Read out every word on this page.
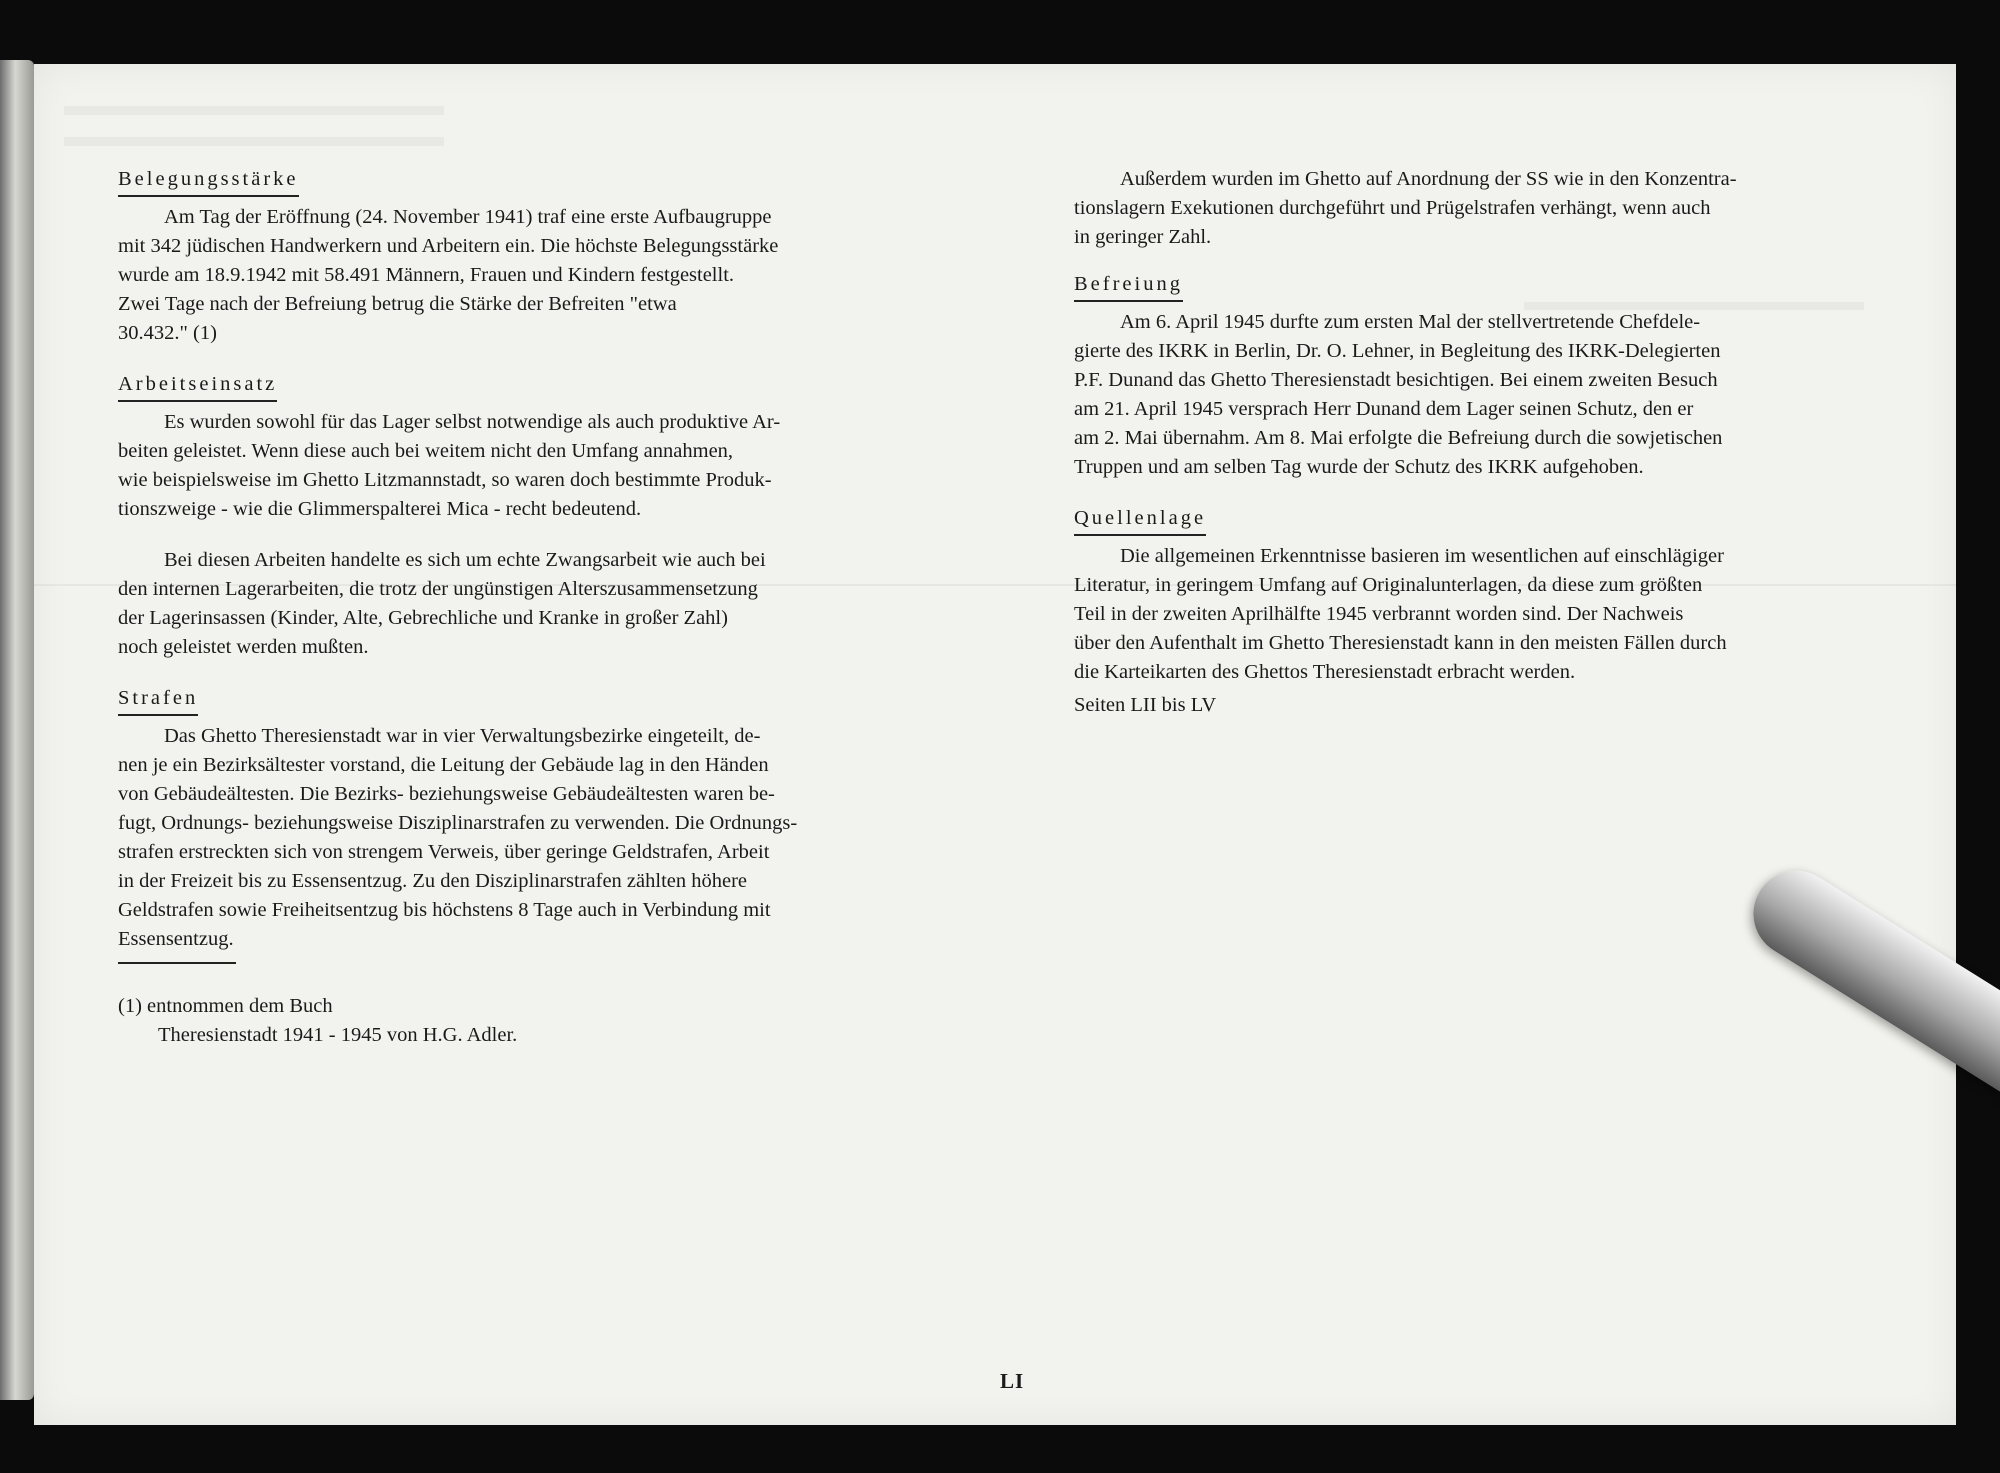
Belegungsstärke

Am Tag der Eröffnung (24. November 1941) traf eine erste Aufbaugruppe

mit 342 jüdischen Handwerkern und Arbeitern ein. Die höchste Belegungsstärke

wurde am 18.9.1942 mit 58.491 Männern, Frauen und Kindern festgestellt.

Zwei Tage nach der Befreiung betrug die Stärke der Befreiten "etwa

30.432." (1)

Arbeitseinsatz

Es wurden sowohl für das Lager selbst notwendige als auch produktive Ar-

beiten geleistet. Wenn diese auch bei weitem nicht den Umfang annahmen,

wie beispielsweise im Ghetto Litzmannstadt, so waren doch bestimmte Produk-

tionszweige - wie die Glimmerspalterei Mica - recht bedeutend.

Bei diesen Arbeiten handelte es sich um echte Zwangsarbeit wie auch bei

den internen Lagerarbeiten, die trotz der ungünstigen Alterszusammensetzung

der Lagerinsassen (Kinder, Alte, Gebrechliche und Kranke in großer Zahl)

noch geleistet werden mußten.

Strafen

Das Ghetto Theresienstadt war in vier Verwaltungsbezirke eingeteilt, de-

nen je ein Bezirksältester vorstand, die Leitung der Gebäude lag in den Händen

von Gebäudeältesten. Die Bezirks- beziehungsweise Gebäudeältesten waren be-

fugt, Ordnungs- beziehungsweise Disziplinarstrafen zu verwenden. Die Ordnungs-

strafen erstreckten sich von strengem Verweis, über geringe Geldstrafen, Arbeit

in der Freizeit bis zu Essensentzug. Zu den Disziplinarstrafen zählten höhere

Geldstrafen sowie Freiheitsentzug bis höchstens 8 Tage auch in Verbindung mit

Essensentzug.

(1) entnommen dem Buch

Theresienstadt 1941 - 1945 von H.G. Adler.

Außerdem wurden im Ghetto auf Anordnung der SS wie in den Konzentra-

tionslagern Exekutionen durchgeführt und Prügelstrafen verhängt, wenn auch

in geringer Zahl.

Befreiung

Am 6. April 1945 durfte zum ersten Mal der stellvertretende Chefdele-

gierte des IKRK in Berlin, Dr. O. Lehner, in Begleitung des IKRK-Delegierten

P.F. Dunand das Ghetto Theresienstadt besichtigen. Bei einem zweiten Besuch

am 21. April 1945 versprach Herr Dunand dem Lager seinen Schutz, den er

am 2. Mai übernahm. Am 8. Mai erfolgte die Befreiung durch die sowjetischen

Truppen und am selben Tag wurde der Schutz des IKRK aufgehoben.

Quellenlage

Die allgemeinen Erkenntnisse basieren im wesentlichen auf einschlägiger

Literatur, in geringem Umfang auf Originalunterlagen, da diese zum größten

Teil in der zweiten Aprilhälfte 1945 verbrannt worden sind. Der Nachweis

über den Aufenthalt im Ghetto Theresienstadt kann in den meisten Fällen durch

die Karteikarten des Ghettos Theresienstadt erbracht werden.

Seiten LII bis LV

LI
